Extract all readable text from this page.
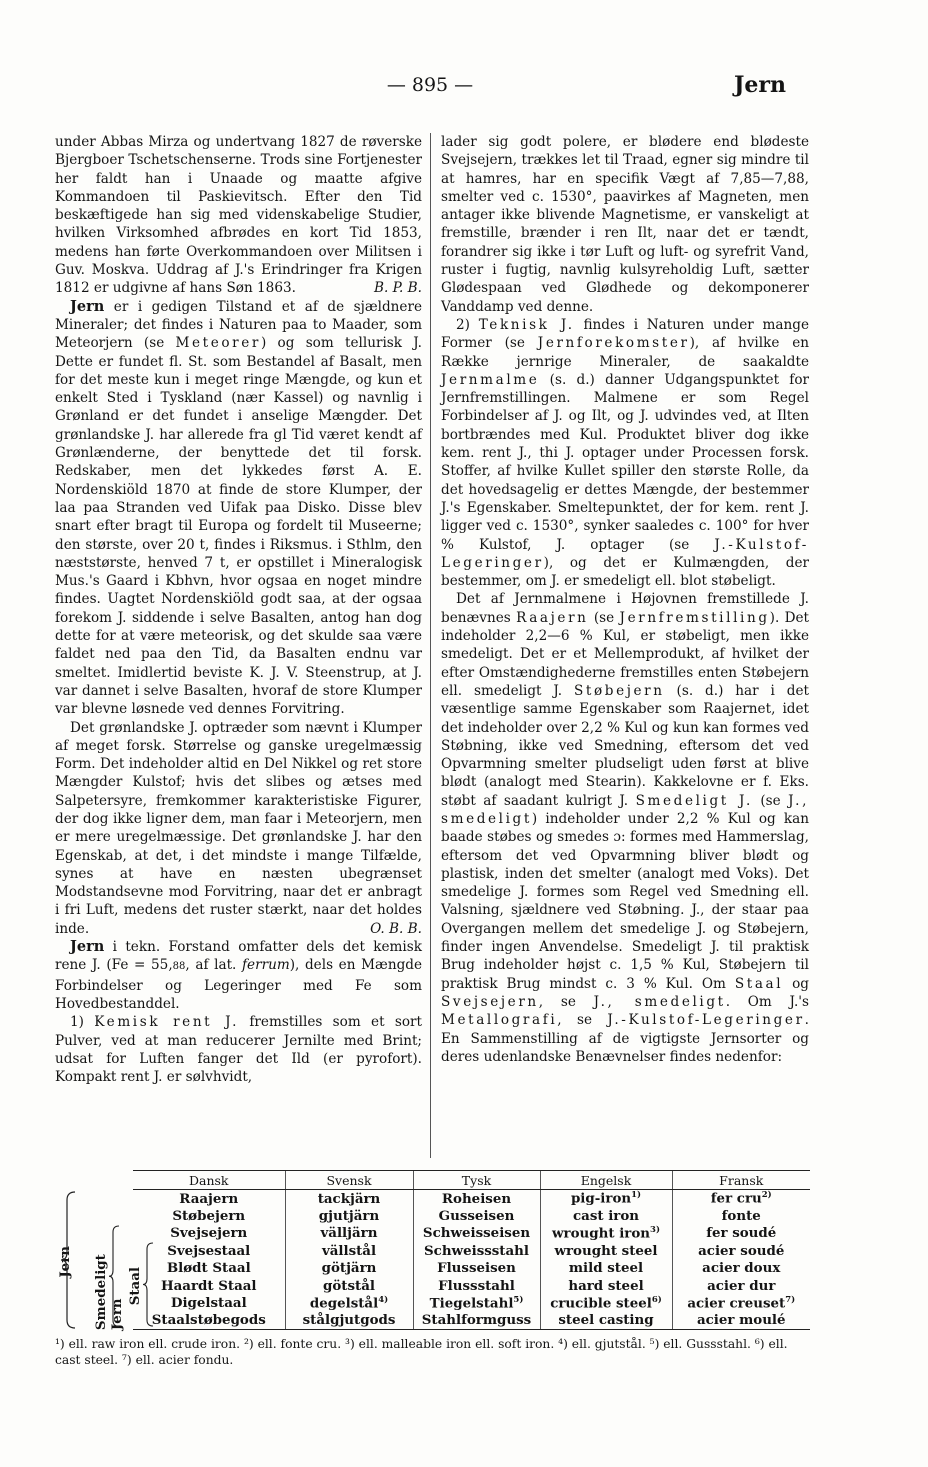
— 895 —	Jern

under Abbas Mirza og undertvang 1827 de røverske Bjergboer Tschetschenserne. Trods sine Fortjenester her faldt han i Unaade og maatte afgive Kommandoen til Paskievitsch. Efter den Tid beskæftigede han sig med videnskabelige Studier, hvilken Virksomhed afbrødes en kort Tid 1853, medens han førte Overkommandoen over Militsen i Guv. Moskva. Uddrag af J.'s Erindringer fra Krigen 1812 er udgivne af hans Søn 1863.	B. P. B.

Jern er i gedigen Tilstand et af de sjældnere Mineraler; det findes i Naturen paa to Maader, som Meteorjern (se Meteorer) og som tellurisk J. Dette er fundet fl. St. som Bestandel af Basalt, men for det meste kun i meget ringe Mængde, og kun et enkelt Sted i Tyskland (nær Kassel) og navnlig i Grønland er det fundet i anselige Mængder. Det grønlandske J. har allerede fra gl Tid været kendt af Grønlænderne, der benyttede det til forsk. Redskaber, men det lykkedes først A. E. Nordenskiöld 1870 at finde de store Klumper, der laa paa Stranden ved Uifak paa Disko. Disse blev snart efter bragt til Europa og fordelt til Museerne; den største, over 20 t, findes i Riksmus. i Sthlm, den næststørste, henved 7 t, er opstillet i Mineralogisk Mus.'s Gaard i Kbhvn, hvor ogsaa en noget mindre findes. Uagtet Nordenskiöld godt saa, at der ogsaa forekom J. siddende i selve Basalten, antog han dog dette for at være meteorisk, og det skulde saa være faldet ned paa den Tid, da Basalten endnu var smeltet. Imidlertid beviste K. J. V. Steenstrup, at J. var dannet i selve Basalten, hvoraf de store Klumper var blevne løsnede ved dennes Forvitring.

Det grønlandske J. optræder som nævnt i Klumper af meget forsk. Størrelse og ganske uregelmæssig Form. Det indeholder altid en Del Nikkel og ret store Mængder Kulstof; hvis det slibes og ætses med Salpetersyre, fremkommer karakteristiske Figurer, der dog ikke ligner dem, man faar i Meteorjern, men er mere uregelmæssige. Det grønlandske J. har den Egenskab, at det, i det mindste i mange Tilfælde, synes at have en næsten ubegrænset Modstandsevne mod Forvitring, naar det er anbragt i fri Luft, medens det ruster stærkt, naar det holdes inde.	O. B. B.

Jern i tekn. Forstand omfatter dels det kemisk rene J. (Fe = 55,88, af lat. ferrum), dels en Mængde Forbindelser og Legeringer med Fe som Hovedbestanddel.

1) Kemisk rent J. fremstilles som et sort Pulver, ved at man reducerer Jernilte med Brint; udsat for Luften fanger det Ild (er pyrofort). Kompakt rent J. er sølvhvidt,

lader sig godt polere, er blødere end blødeste Svejsejern, trækkes let til Traad, egner sig mindre til at hamres, har en specifik Vægt af 7,85—7,88, smelter ved c. 1530°, paavirkes af Magneten, men antager ikke blivende Magnetisme, er vanskeligt at fremstille, brænder i ren Ilt, naar det er tændt, forandrer sig ikke i tør Luft og luft- og syrefrit Vand, ruster i fugtig, navnlig kulsyreholdig Luft, sætter Glødespaan ved Glødhede og dekomponerer Vanddamp ved denne.

2) Teknisk J. findes i Naturen under mange Former (se Jernforekomster), af hvilke en Række jernrige Mineraler, de saakaldte Jernmalme (s. d.) danner Udgangspunktet for Jernfremstillingen. Malmene er som Regel Forbindelser af J. og Ilt, og J. udvindes ved, at Ilten bortbrændes med Kul. Produktet bliver dog ikke kem. rent J., thi J. optager under Processen forsk. Stoffer, af hvilke Kullet spiller den største Rolle, da det hovedsagelig er dettes Mængde, der bestemmer J.'s Egenskaber. Smeltepunktet, der for kem. rent J. ligger ved c. 1530°, synker saaledes c. 100° for hver % Kulstof, J. optager (se J.-Kulstof-Legeringer), og det er Kulmængden, der bestemmer, om J. er smedeligt ell. blot støbeligt.

Det af Jernmalmene i Højovnen fremstillede J. benævnes Raajern (se Jernfremstilling). Det indeholder 2,2—6 % Kul, er støbeligt, men ikke smedeligt. Det er et Mellemprodukt, af hvilket der efter Omstændighederne fremstilles enten Støbejern ell. smedeligt J. Støbejern (s. d.) har i det væsentlige samme Egenskaber som Raajernet, idet det indeholder over 2,2 % Kul og kun kan formes ved Støbning, ikke ved Smedning, eftersom det ved Opvarmning smelter pludseligt uden først at blive blødt (analogt med Stearin). Kakkelovne er f. Eks. støbt af saadant kulrigt J. Smedeligt J. (se J., smedeligt) indeholder under 2,2 % Kul og kan baade støbes og smedes ɔ: formes med Hammerslag, eftersom det ved Opvarmning bliver blødt og plastisk, inden det smelter (analogt med Voks). Det smedelige J. formes som Regel ved Smedning ell. Valsning, sjældnere ved Støbning. J., der staar paa Overgangen mellem det smedelige J. og Støbejern, finder ingen Anvendelse. Smedeligt J. til praktisk Brug indeholder højst c. 1,5 % Kul, Støbejern til praktisk Brug mindst c. 3 % Kul. Om Staal og Svejsejern, se J., smedeligt. Om J.'s Metallografi, se J.-Kulstof-Legeringer. En Sammenstilling af de vigtigste Jernsorter og deres udenlandske Benævnelser findes nedenfor:

				Dansk	Svensk	Tysk	Engelsk	Fransk

Jern				Raajern	tackjärn	Roheisen	pig-iron$^{1)}$	fer cru$^{2)}$
				Støbejern	gjutjärn	Gusseisen	cast iron	fonte
				Svejsejern	välljärn	Schweisseisen	wrought iron$^{3)}$	fer soudé
				Svejsestaal	vällstål	Schweissstahl	wrought steel	acier soudé
				Blødt Staal	götjärn	Flusseisen	mild steel	acier doux
				Haardt Staal	götstål	Flussstahl	hard steel	acier dur
				Digelstaal	degelstål$^{4)}$	Tiegelstahl$^{5)}$	crucible steel$^{6)}$	acier creuset$^{7)}$
				Staalstøbegods	stålgjutgods	Stahlformguss	steel casting	acier moulé
Smedeligt Jern
Staal
¹) ell. raw iron ell. crude iron. ²) ell. fonte cru. ³) ell. malleable iron ell. soft iron. ⁴) ell. gjutstål. ⁵) ell. Gussstahl. ⁶) ell. cast steel. ⁷) ell. acier fondu.
